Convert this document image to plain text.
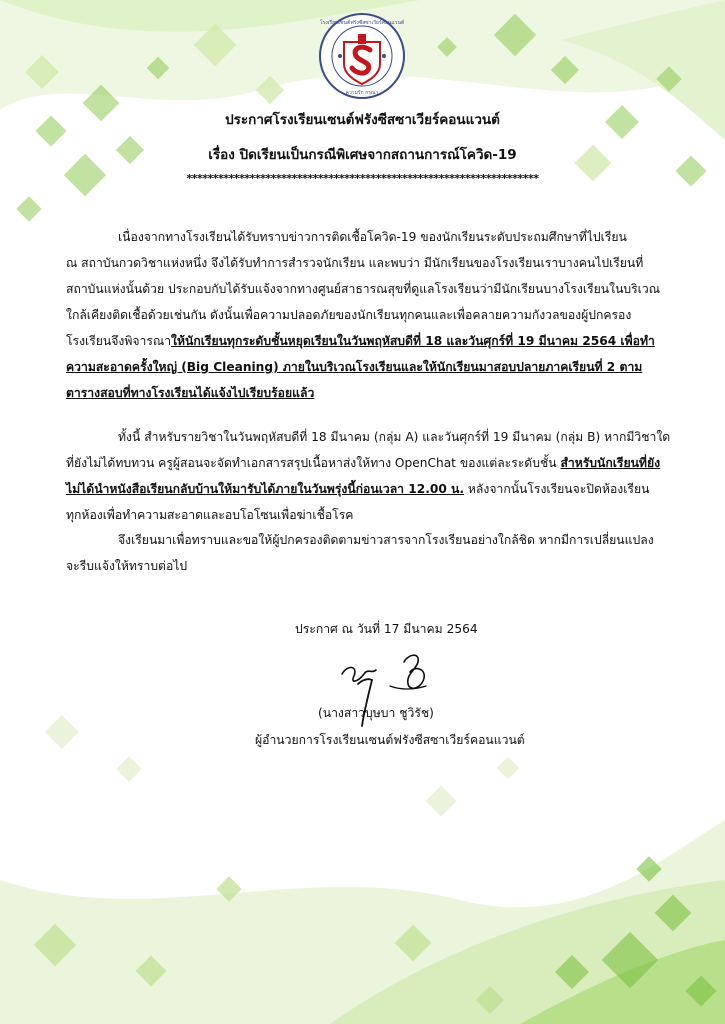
โรงเรียนเซนต์ฟรังซีสซาเวียร์คอนแวนต์
ความรัก กรุณา
ประกาศโรงเรียนเซนต์ฟรังซีสซาเวียร์คอนแวนต์
เรื่อง ปิดเรียนเป็นกรณีพิเศษจากสถานการณ์โควิด-19
*******************************************************************
เนื่องจากทางโรงเรียนได้รับทราบข่าวการติดเชื้อโควิด-19 ของนักเรียนระดับประถมศึกษาที่ไปเรียน
ณ สถาบันกวดวิชาแห่งหนึ่ง จึงได้รับทำการสำรวจนักเรียน และพบว่า มีนักเรียนของโรงเรียนเราบางคนไปเรียนที่
สถาบันแห่งนั้นด้วย ประกอบกับได้รับแจ้งจากทางศูนย์สาธารณสุขที่ดูแลโรงเรียนว่ามีนักเรียนบางโรงเรียนในบริเวณ
ใกล้เคียงติดเชื้อด้วยเช่นกัน ดังนั้นเพื่อความปลอดภัยของนักเรียนทุกคนและเพื่อคลายความกังวลของผู้ปกครอง
โรงเรียนจึงพิจารณาให้นักเรียนทุกระดับชั้นหยุดเรียนในวันพฤหัสบดีที่ 18 และวันศุกร์ที่ 19 มีนาคม 2564 เพื่อทำ
ความสะอาดครั้งใหญ่ (Big Cleaning) ภายในบริเวณโรงเรียนและให้นักเรียนมาสอบปลายภาคเรียนที่ 2 ตาม
ตารางสอบที่ทางโรงเรียนได้แจ้งไปเรียบร้อยแล้ว
ทั้งนี้ สำหรับรายวิชาในวันพฤหัสบดีที่ 18 มีนาคม (กลุ่ม A) และวันศุกร์ที่ 19 มีนาคม (กลุ่ม B) หากมีวิชาใด
ที่ยังไม่ได้ทบทวน ครูผู้สอนจะจัดทำเอกสารสรุปเนื้อหาส่งให้ทาง OpenChat ของแต่ละระดับชั้น สำหรับนักเรียนที่ยัง
ไม่ได้นำหนังสือเรียนกลับบ้านให้มารับได้ภายในวันพรุ่งนี้ก่อนเวลา 12.00 น. หลังจากนั้นโรงเรียนจะปิดห้องเรียน
ทุกห้องเพื่อทำความสะอาดและอบโอโซนเพื่อฆ่าเชื้อโรค
จึงเรียนมาเพื่อทราบและขอให้ผู้ปกครองติดตามข่าวสารจากโรงเรียนอย่างใกล้ชิด หากมีการเปลี่ยนแปลง
จะรีบแจ้งให้ทราบต่อไป
ประกาศ ณ วันที่ 17 มีนาคม 2564
(นางสาวบุษบา ชูวิรัช)
ผู้อำนวยการโรงเรียนเซนต์ฟรังซีสซาเวียร์คอนแวนต์
